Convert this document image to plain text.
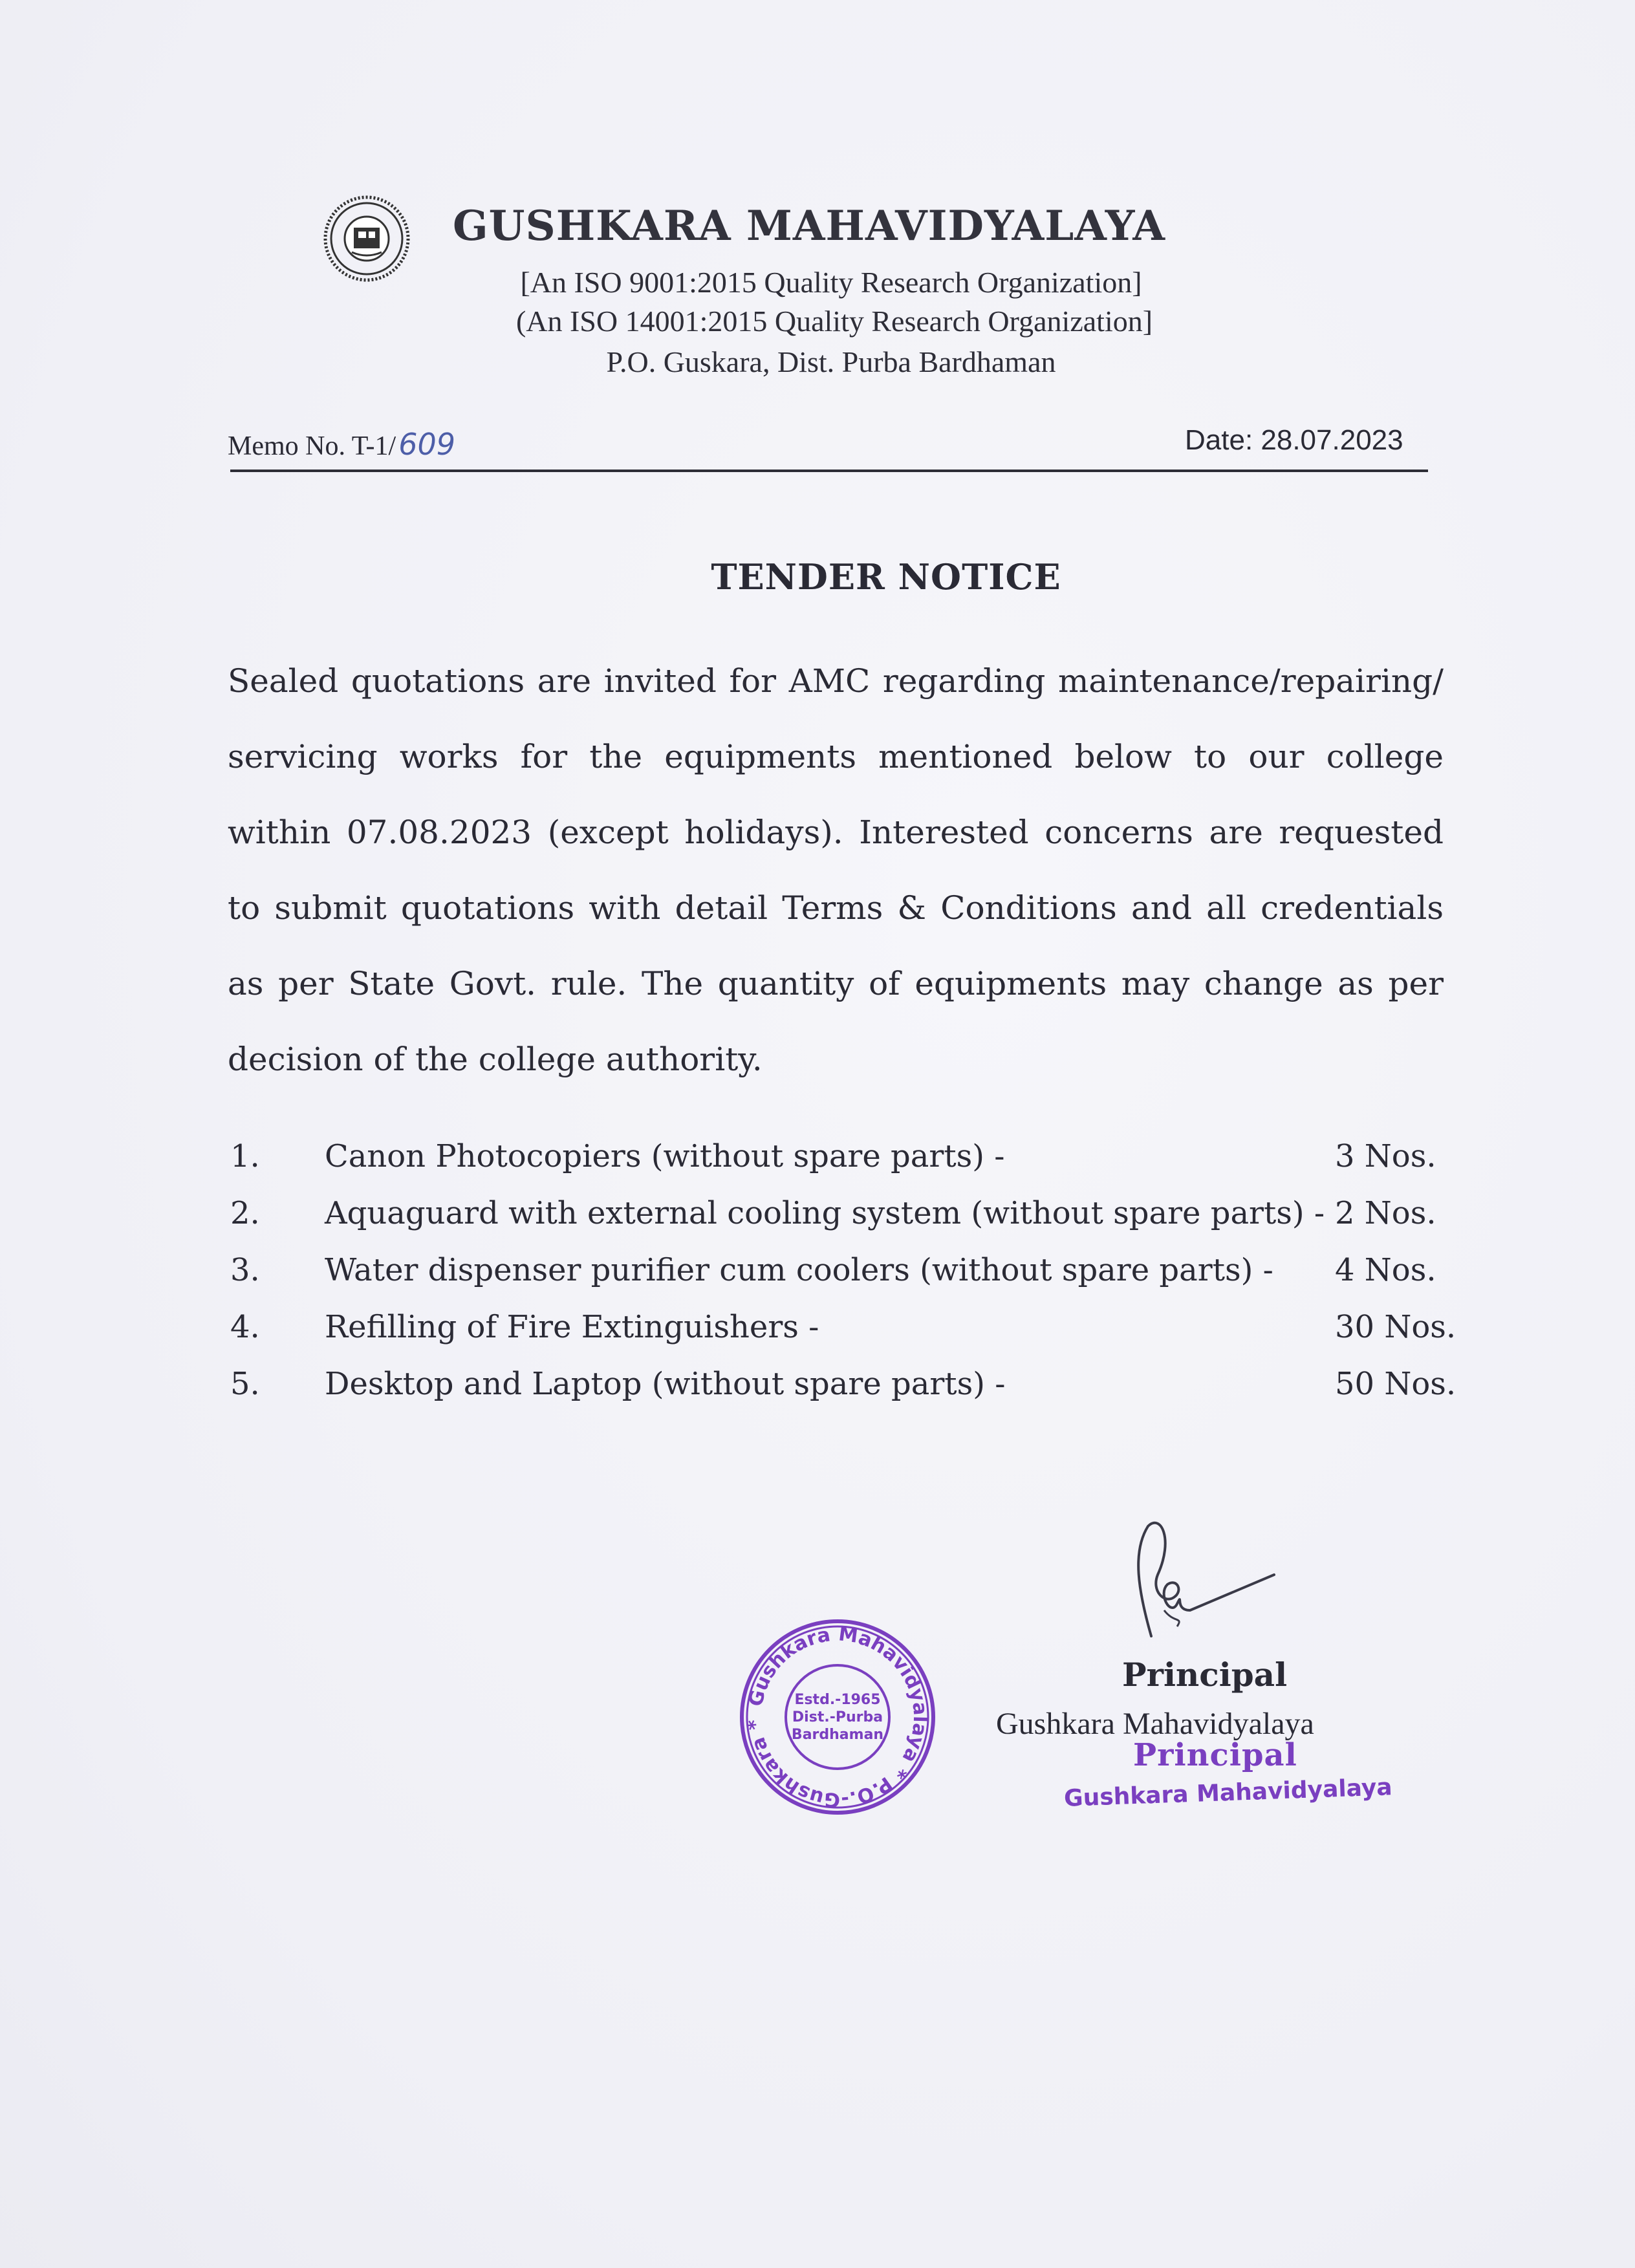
GUSHKARA MAHAVIDYALAYA
[An ISO 9001:2015 Quality Research Organization]
(An ISO 14001:2015 Quality Research Organization]
P.O. Guskara, Dist. Purba Bardhaman
Memo No. T-1/609	Date: 28.07.2023
TENDER NOTICE
Sealed quotations are invited for AMC regarding maintenance/repairing/ servicing works for the equipments mentioned below to our college within 07.08.2023 (except holidays). Interested concerns are requested to submit quotations with detail Terms & Conditions and all credentials as per State Govt. rule. The quantity of equipments may change as per decision of the college authority.
1. Canon Photocopiers (without spare parts) -	3 Nos.
2. Aquaguard with external cooling system (without spare parts) - 2 Nos.
3. Water dispenser purifier cum coolers (without spare parts) - 4 Nos.
4. Refilling of Fire Extinguishers -	30 Nos.
5. Desktop and Laptop (without spare parts) -	50 Nos.
Gushkara Mahavidyalaya * P.O.-Gushkara *
Estd.-1965
Dist.-Purba
Bardhaman
Principal
Gushkara Mahavidyalaya
Principal
Gushkara Mahavidyalaya
